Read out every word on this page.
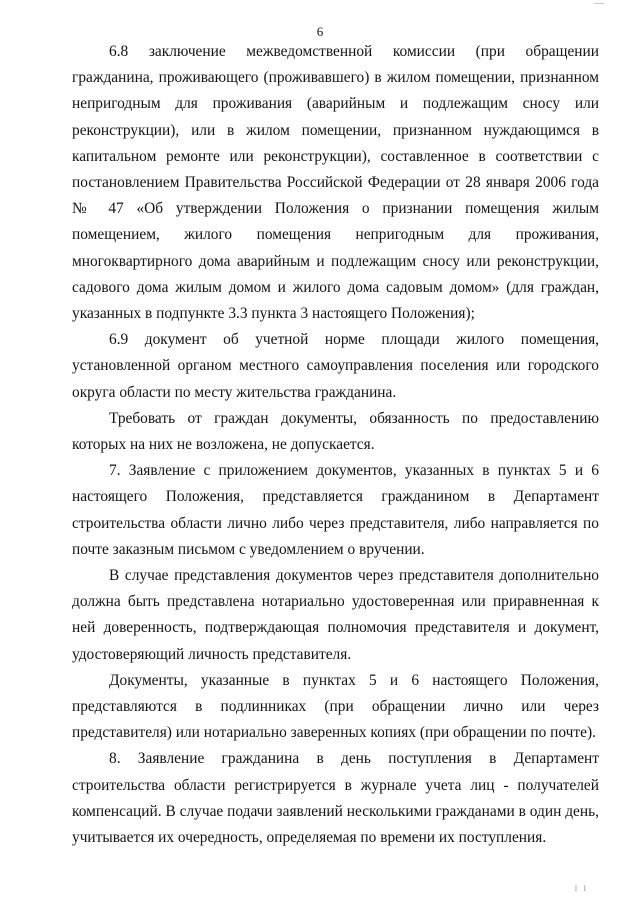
6

6.8 заключение межведомственной комиссии (при обращении гражданина, проживающего (проживавшего) в жилом помещении, признанном непригодным для проживания (аварийным и подлежащим сносу или реконструкции), или в жилом помещении, признанном нуждающимся в капитальном ремонте или реконструкции), составленное в соответствии с постановлением Правительства Российской Федерации от 28 января 2006 года № 47 «Об утверждении Положения о признании помещения жилым помещением, жилого помещения непригодным для проживания, многоквартирного дома аварийным и подлежащим сносу или реконструкции, садового дома жилым домом и жилого дома садовым домом» (для граждан, указанных в подпункте 3.3 пункта 3 настоящего Положения);

6.9 документ об учетной норме площади жилого помещения, установленной органом местного самоуправления поселения или городского округа области по месту жительства гражданина.

Требовать от граждан документы, обязанность по предоставлению которых на них не возложена, не допускается.

7. Заявление с приложением документов, указанных в пунктах 5 и 6 настоящего Положения, представляется гражданином в Департамент строительства области лично либо через представителя, либо направляется по почте заказным письмом с уведомлением о вручении.

В случае представления документов через представителя дополнительно должна быть представлена нотариально удостоверенная или приравненная к ней доверенность, подтверждающая полномочия представителя и документ, удостоверяющий личность представителя.

Документы, указанные в пунктах 5 и 6 настоящего Положения, представляются в подлинниках (при обращении лично или через представителя) или нотариально заверенных копиях (при обращении по почте).

8. Заявление гражданина в день поступления в Департамент строительства области регистрируется в журнале учета лиц - получателей компенсаций. В случае подачи заявлений несколькими гражданами в один день, учитывается их очередность, определяемая по времени их поступления.

I I
